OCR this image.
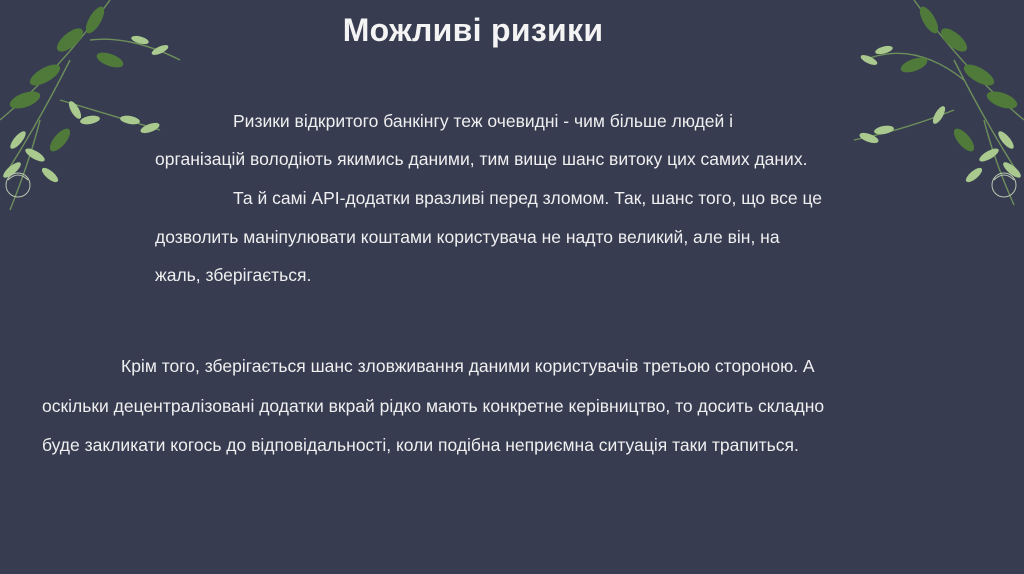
Можливі ризики
Ризики відкритого банкінгу теж очевидні - чим більше людей і
організацій володіють якимись даними, тим вище шанс витоку цих самих даних.
Та й самі API-додатки вразливі перед зломом. Так, шанс того, що все це
дозволить маніпулювати коштами користувача не надто великий, але він, на
жаль, зберігається.
Крім того, зберігається шанс зловживання даними користувачів третьою стороною. А
оскільки децентралізовані додатки вкрай рідко мають конкретне керівництво, то досить складно
буде закликати когось до відповідальності, коли подібна неприємна ситуація таки трапиться.
